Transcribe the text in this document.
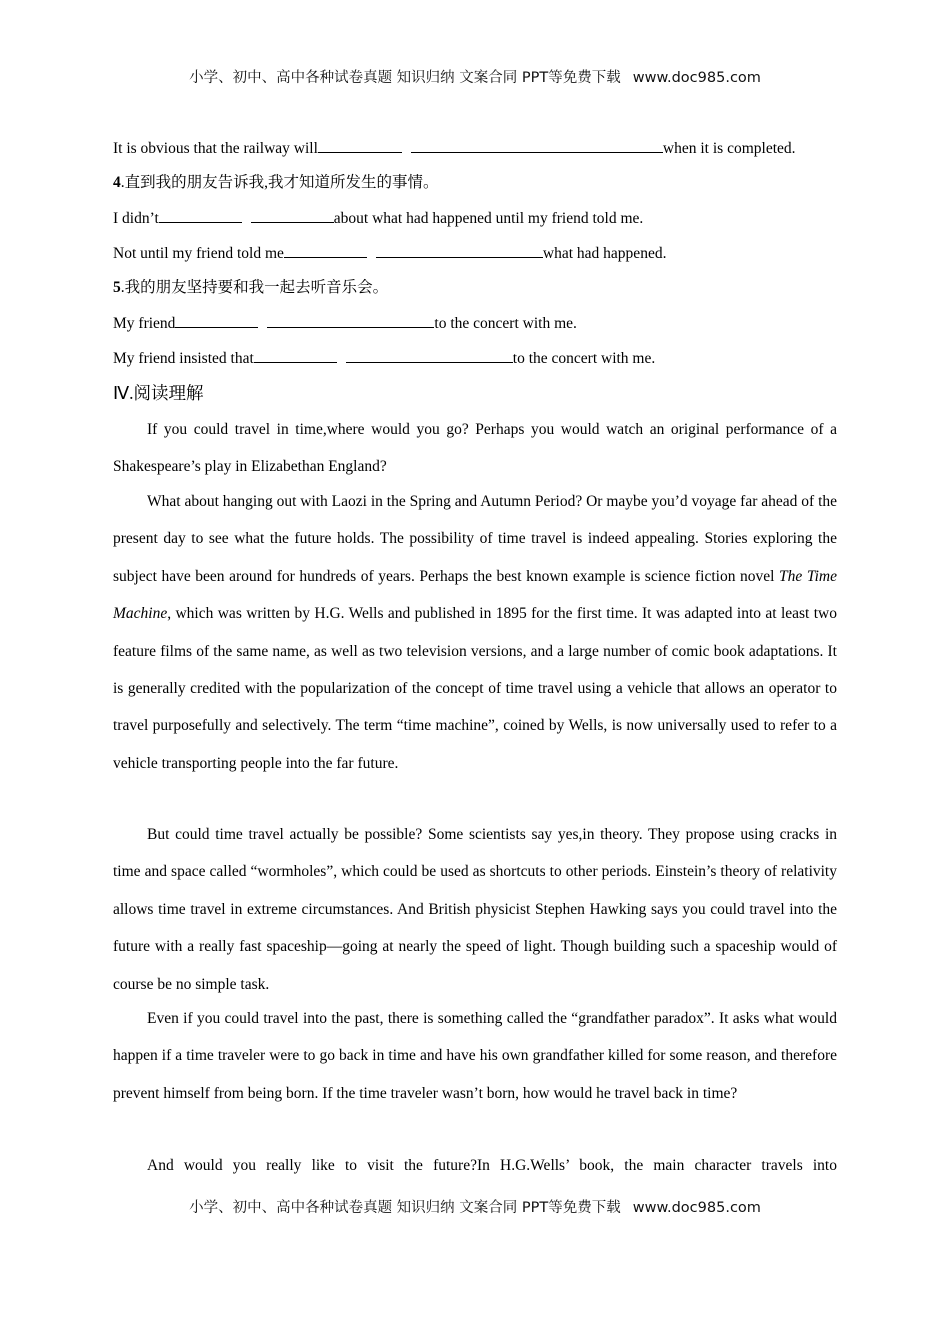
小学、初中、高中各种试卷真题 知识归纳 文案合同 PPT等免费下载 www.doc985.com
It is obvious that the railway will	when it is completed.
4.直到我的朋友告诉我,我才知道所发生的事情。
I didn’t	about what had happened until my friend told me.
Not until my friend told me	what had happened.
5.我的朋友坚持要和我一起去听音乐会。
My friend	to the concert with me.
My friend insisted that	to the concert with me.
Ⅳ.阅读理解
If you could travel in time,where would you go? Perhaps you would watch an original performance of a Shakespeare’s play in Elizabethan England?
What about hanging out with Laozi in the Spring and Autumn Period? Or maybe you’d voyage far ahead of the present day to see what the future holds. The possibility of time travel is indeed appealing. Stories exploring the subject have been around for hundreds of years. Perhaps the best known example is science fiction novel The Time Machine, which was written by H.G. Wells and published in 1895 for the first time. It was adapted into at least two feature films of the same name, as well as two television versions, and a large number of comic book adaptations. It is generally credited with the popularization of the concept of time travel using a vehicle that allows an operator to travel purposefully and selectively. The term “time machine”, coined by Wells, is now universally used to refer to a vehicle transporting people into the far future.
But could time travel actually be possible? Some scientists say yes,in theory. They propose using cracks in time and space called “wormholes”, which could be used as shortcuts to other periods. Einstein’s theory of relativity allows time travel in extreme circumstances. And British physicist Stephen Hawking says you could travel into the future with a really fast spaceship—going at nearly the speed of light. Though building such a spaceship would of course be no simple task.
Even if you could travel into the past, there is something called the “grandfather paradox”. It asks what would happen if a time traveler were to go back in time and have his own grandfather killed for some reason, and therefore prevent himself from being born. If the time traveler wasn’t born, how would he travel back in time?
And would you really like to visit the future?In H.G.Wells’ book, the main character travels into
小学、初中、高中各种试卷真题 知识归纳 文案合同 PPT等免费下载 www.doc985.com
